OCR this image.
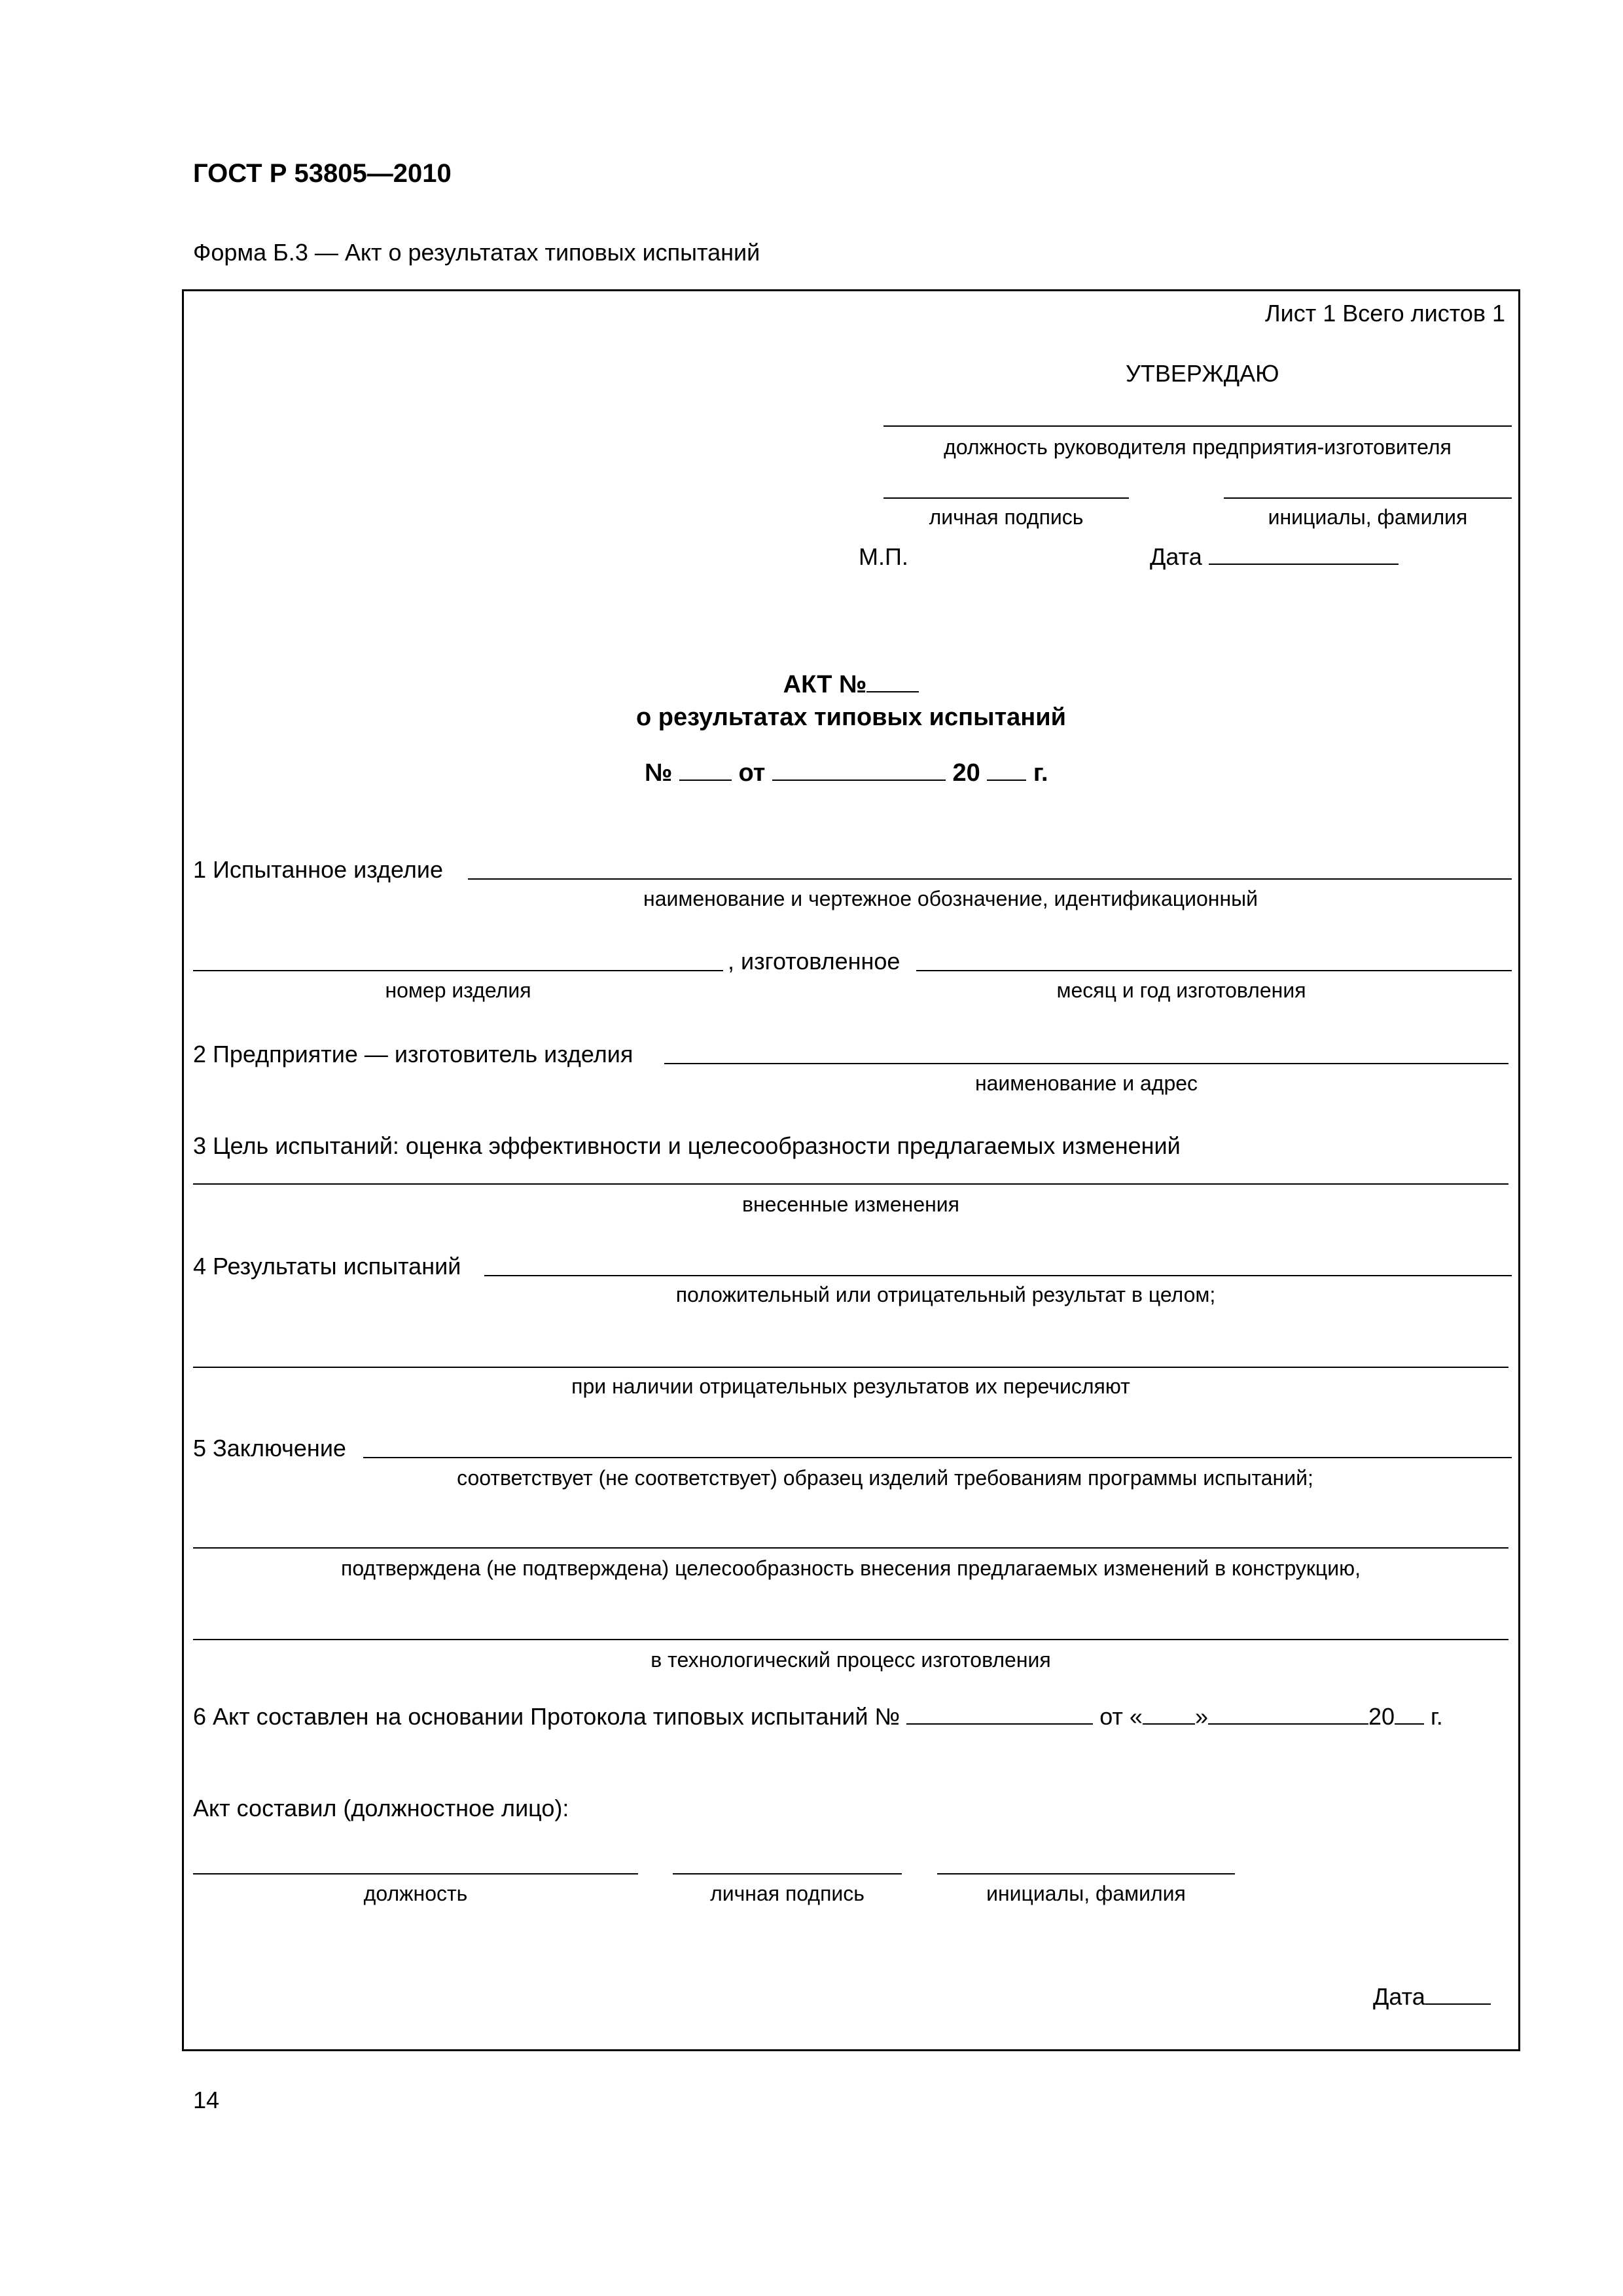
ГОСТ Р 53805—2010
Форма Б.3 — Акт о результатах типовых испытаний
Лист 1 Всего листов 1
УТВЕРЖДАЮ
должность руководителя предприятия-изготовителя
личная подпись	инициалы, фамилия
М.П.	Дата
АКТ №
о результатах типовых испытаний
№	от	20 г.
1 Испытанное изделие
наименование и чертежное обозначение, идентификационный
, изготовленное
номер изделия	месяц и год изготовления
2 Предприятие — изготовитель изделия
наименование и адрес
3 Цель испытаний: оценка эффективности и целесообразности предлагаемых изменений
внесенные изменения
4 Результаты испытаний
положительный или отрицательный результат в целом;
при наличии отрицательных результатов их перечисляют
5 Заключение
соответствует (не соответствует) образец изделий требованиям программы испытаний;
подтверждена (не подтверждена) целесообразность внесения предлагаемых изменений в конструкцию,
в технологический процесс изготовления
6 Акт составлен на основании Протокола типовых испытаний №	от « »	20 г.
Акт составил (должностное лицо):
должность	личная подпись	инициалы, фамилия
Дата
14
